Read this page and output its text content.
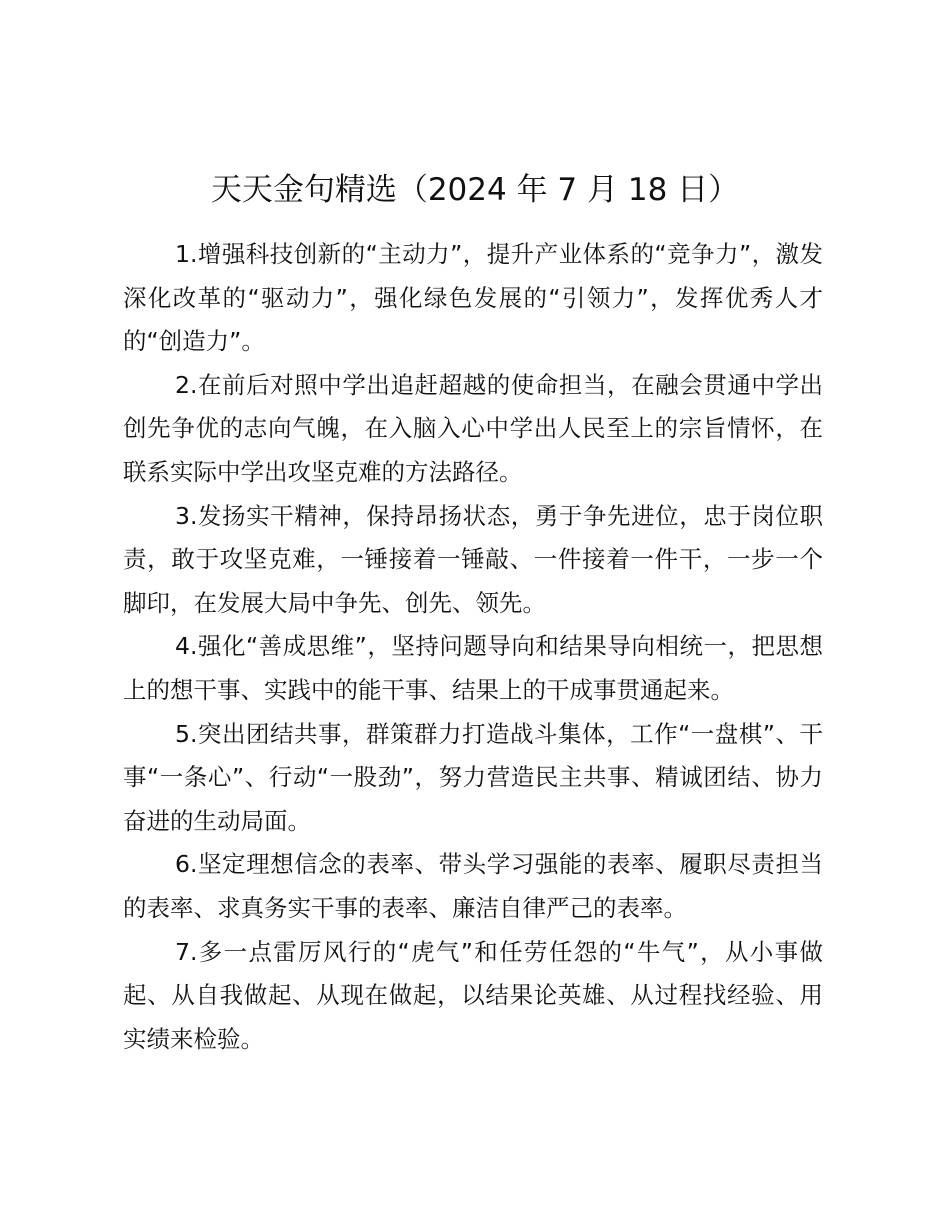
天天金句精选（2024 年 7 月 18 日）

1.增强科技创新的“主动力”，提升产业体系的“竞争力”，激发深化改革的“驱动力”，强化绿色发展的“引领力”，发挥优秀人才的“创造力”。

2.在前后对照中学出追赶超越的使命担当，在融会贯通中学出创先争优的志向气魄，在入脑入心中学出人民至上的宗旨情怀，在联系实际中学出攻坚克难的方法路径。

3.发扬实干精神，保持昂扬状态，勇于争先进位，忠于岗位职责，敢于攻坚克难，一锤接着一锤敲、一件接着一件干，一步一个脚印，在发展大局中争先、创先、领先。

4.强化“善成思维”，坚持问题导向和结果导向相统一，把思想上的想干事、实践中的能干事、结果上的干成事贯通起来。

5.突出团结共事，群策群力打造战斗集体，工作“一盘棋”、干事“一条心”、行动“一股劲”，努力营造民主共事、精诚团结、协力奋进的生动局面。

6.坚定理想信念的表率、带头学习强能的表率、履职尽责担当的表率、求真务实干事的表率、廉洁自律严己的表率。

7.多一点雷厉风行的“虎气”和任劳任怨的“牛气”，从小事做起、从自我做起、从现在做起，以结果论英雄、从过程找经验、用实绩来检验。
